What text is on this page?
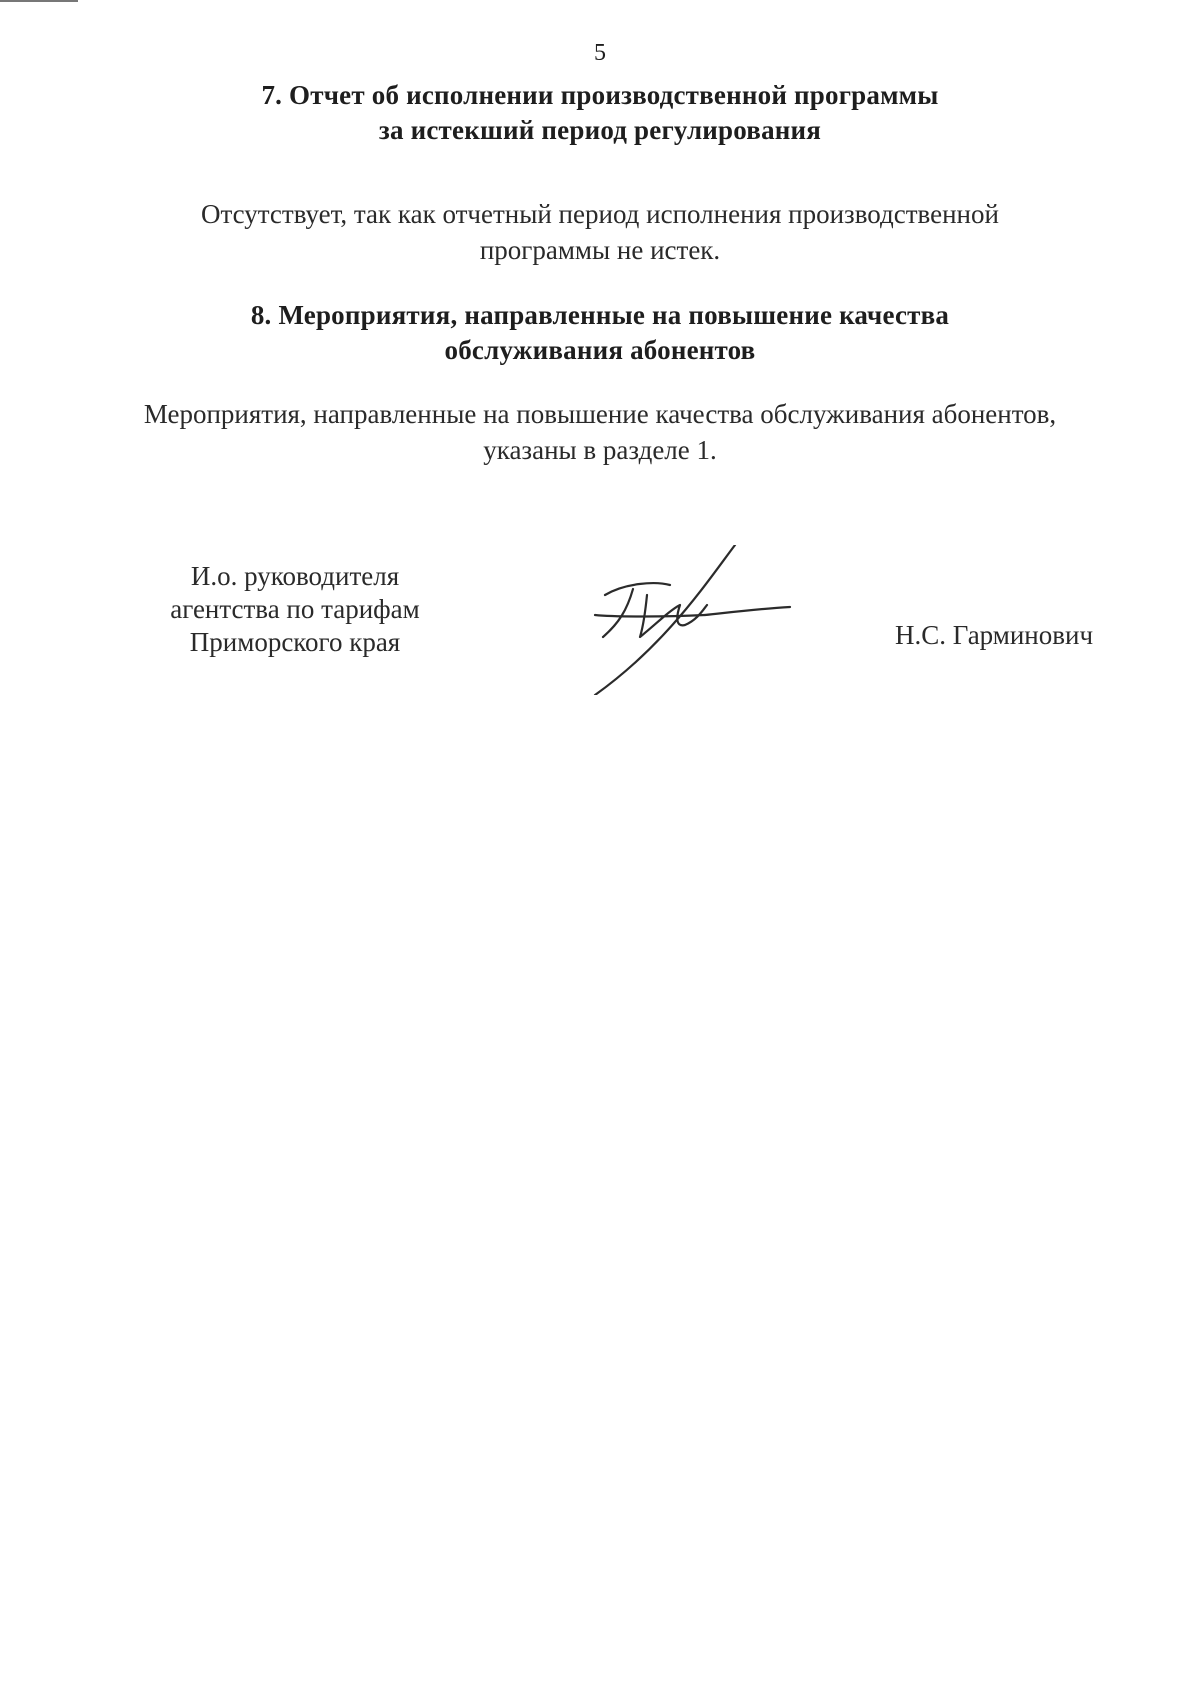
5
7. Отчет об исполнении производственной программы
за истекший период регулирования
Отсутствует, так как отчетный период исполнения производственной
программы не истек.
8. Мероприятия, направленные на повышение качества
обслуживания абонентов
Мероприятия, направленные на повышение качества обслуживания абонентов,
указаны в разделе 1.
И.о. руководителя
агентства по тарифам
Приморского края	Н.С. Гарминович
